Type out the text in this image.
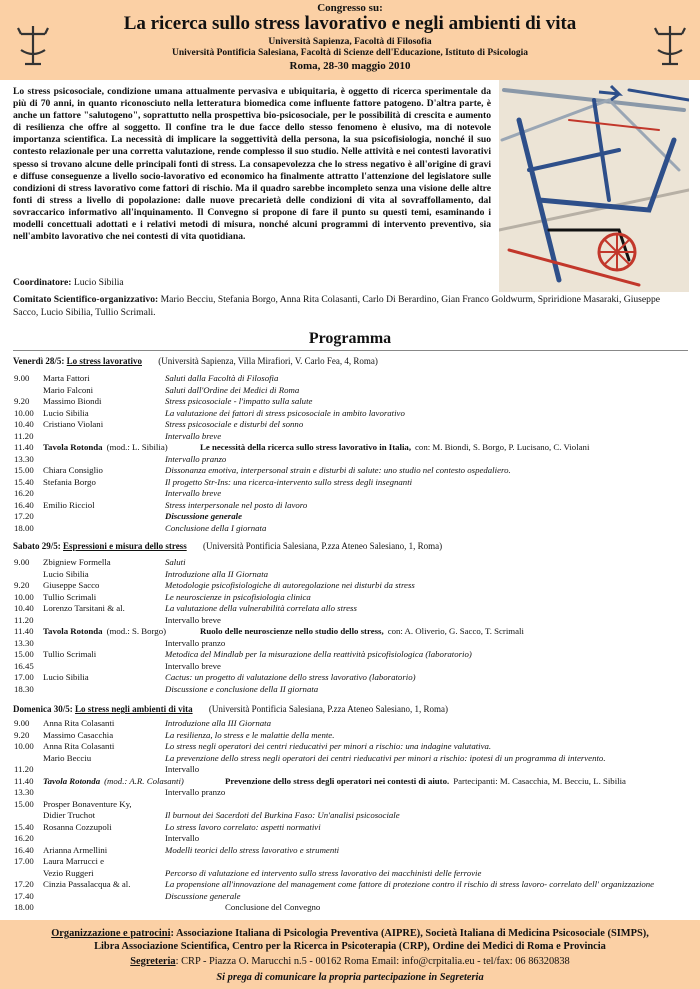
Congresso su:
La ricerca sullo stress lavorativo e negli ambienti di vita
Università Sapienza, Facoltà di Filosofia
Università Pontificia Salesiana, Facoltà di Scienze dell'Educazione, Istituto di Psicologia
Roma, 28-30 maggio 2010

Lo stress psicosociale, condizione umana attualmente pervasiva e ubiquitaria, è oggetto di ricerca sperimentale da più di 70 anni, in quanto riconosciuto nella letteratura biomedica come influente fattore patogeno. D'altra parte, è anche un fattore "salutogeno", soprattutto nella prospettiva bio-psicosociale, per le possibilità di crescita e aumento di resilienza che offre al soggetto. Il confine tra le due facce dello stesso fenomeno è elusivo, ma di notevole importanza scientifica. La necessità di implicare la soggettività della persona, la sua psicofisiologia, nonché il suo contesto relazionale per una corretta valutazione, rende complesso il suo studio. Nelle attività e nei contesti lavorativi spesso si trovano alcune delle principali fonti di stress. La consapevolezza che lo stress negativo è all'origine di gravi e diffuse conseguenze a livello socio-lavorativo ed economico ha finalmente attratto l'attenzione del legislatore sulle condizioni di stress lavorativo come fattori di rischio. Ma il quadro sarebbe incompleto senza una visione delle altre fonti di stress a livello di popolazione: dalle nuove precarietà delle condizioni di vita al sovraffollamento, dal sovraccarico informativo all'inquinamento. Il Convegno si propone di fare il punto su questi temi, esaminando i modelli concettuali adottati e i relativi metodi di misura, nonché alcuni programmi di intervento preventivo, sia nell'ambito lavorativo che nei contesti di vita quotidiana.

Coordinatore: Lucio Sibilia

Comitato Scientifico-organizzativo: Mario Becciu, Stefania Borgo, Anna Rita Colasanti, Carlo Di Berardino, Gian Franco Goldwurm, Spriridione Masaraki, Giuseppe Sacco, Lucio Sibilia, Tullio Scrimali.

Programma
Venerdì 28/5: Lo stress lavorativo (Università Sapienza, Villa Mirafiori, V. Carlo Fea, 4, Roma)
9.00 Marta Fattori	Saluti dalla Facoltà di Filosofia
Mario Falconi	Saluti dall'Ordine dei Medici di Roma
9.20 Massimo Biondi	Stress psicosociale - l'impatto sulla salute
10.00 Lucio Sibilia	La valutazione dei fattori di stress psicosociale in ambito lavorativo
10.40 Cristiano Violani	Stress psicosociale e disturbi del sonno
11.20	Intervallo breve
11.40 Tavola Rotonda (mod.: L. Sibilia)	Le necessità della ricerca sullo stress lavorativo in Italia, con: M. Biondi, S. Borgo, P. Lucisano, C. Violani
13.30	Intervallo pranzo
15.00 Chiara Consiglio	Dissonanza emotiva, interpersonal strain e disturbi di salute: uno studio nel contesto ospedaliero.
15.40 Stefania Borgo	Il progetto Str-Ins: una ricerca-intervento sullo stress degli insegnanti
16.20	Intervallo breve
16.40 Emilio Ricciol	Stress interpersonale nel posto di lavoro
17.20	Discussione generale
18.00	Conclusione della I giornata
Sabato 29/5: Espressioni e misura dello stress (Università Pontificia Salesiana, P.zza Ateneo Salesiano, 1, Roma)
9.00 Zbigniew Formella	Saluti
Lucio Sibilia	Introduzione alla II Giornata
9.20 Giuseppe Sacco	Metodologie psicofisiologiche di autoregolazione nei disturbi da stress
10.00 Tullio Scrimali	Le neuroscienze in psicofisiologia clinica
10.40 Lorenzo Tarsitani & al.	La valutazione della vulnerabilità correlata allo stress
11.20	Intervallo breve
11.40 Tavola Rotonda (mod.: S. Borgo)	Ruolo delle neuroscienze nello studio dello stress, con: A. Oliverio, G. Sacco, T. Scrimali
13.30	Intervallo pranzo
15.00 Tullio Scrimali	Metodica del Mindlab per la misurazione della reattività psicofisiologica (laboratorio)
16.45	Intervallo breve
17.00 Lucio Sibilia	Cactus: un progetto di valutazione dello stress lavorativo (laboratorio)
18.30	Discussione e conclusione della II giornata
Domenica 30/5: Lo stress negli ambienti di vita (Università Pontificia Salesiana, P.zza Ateneo Salesiano, 1, Roma)
9.00 Anna Rita Colasanti	Introduzione alla III Giornata
9.20 Massimo Casacchia	La resilienza, lo stress e le malattie della mente.
10.00 Anna Rita Colasanti	Lo stress negli operatori dei centri rieducativi per minori a rischio: una indagine valutativa.
Mario Becciu	La prevenzione dello stress negli operatori dei centri rieducativi per minori a rischio: ipotesi di un programma di intervento.
11.20	Intervallo
11.40 Tavola Rotonda (mod.: A.R. Colasanti)	Prevenzione dello stress degli operatori nei contesti di aiuto. Partecipanti: M. Casacchia, M. Becciu, L. Sibilia
13.30	Intervallo pranzo
15.00 Prosper Bonaventure Ky,
Didier Truchot	Il burnout dei Sacerdoti del Burkina Faso: Un'analisi psicosociale
15.40 Rosanna Cozzupoli	Lo stress lavoro correlato: aspetti normativi
16.20	Intervallo
16.40 Arianna Armellini	Modelli teorici dello stress lavorativo e strumenti
17.00 Laura Marrucci e
Vezio Ruggeri	Percorso di valutazione ed intervento sullo stress lavorativo dei macchinisti delle ferrovie
17.20 Cinzia Passalacqua & al.	La propensione all'innovazione del management come fattore di protezione contro il rischio di stress lavoro- correlato dell' organizzazione
17.40	Discussione generale
18.00	Conclusione del Convegno
Organizzazione e patrocini: Associazione Italiana di Psicologia Preventiva (AIPRE), Società Italiana di Medicina Psicosociale (SIMPS),
Libra Associazione Scientifica, Centro per la Ricerca in Psicoterapia (CRP), Ordine dei Medici di Roma e Provincia
Segreteria: CRP - Piazza O. Marucchi n.5 - 00162 Roma Email: info@crpitalia.eu - tel/fax: 06 86320838
Si prega di comunicare la propria partecipazione in Segreteria
